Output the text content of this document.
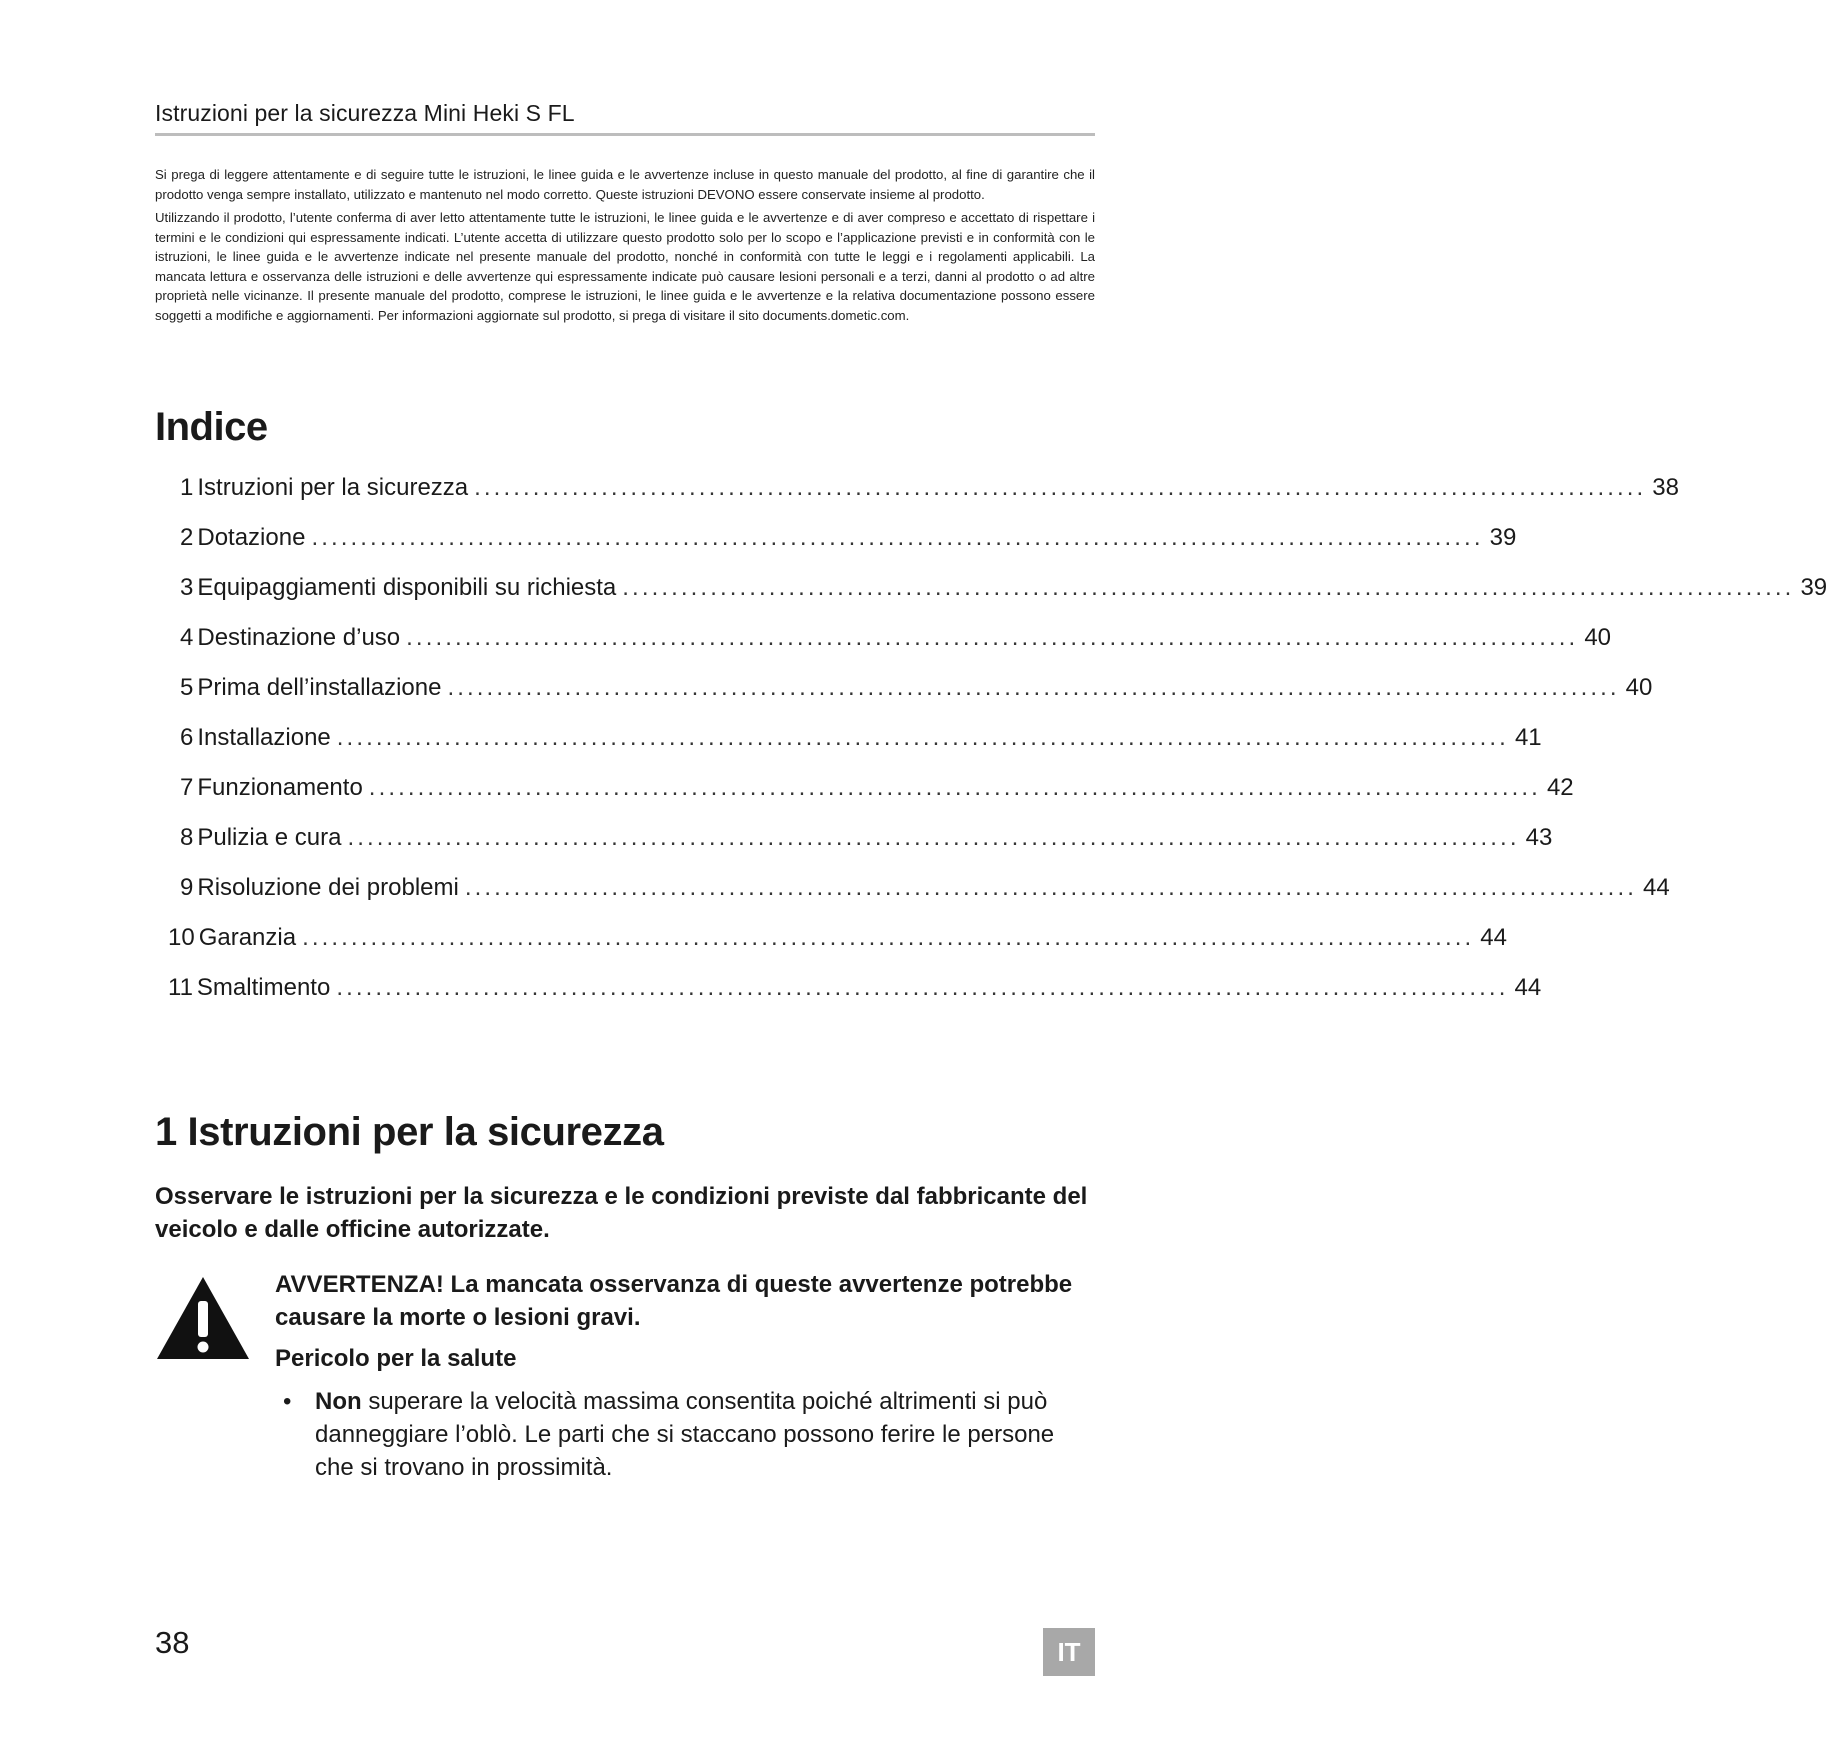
Istruzioni per la sicurezza Mini Heki S FL

Si prega di leggere attentamente e di seguire tutte le istruzioni, le linee guida e le avvertenze incluse in questo manuale del prodotto, al fine di garantire che il prodotto venga sempre installato, utilizzato e mantenuto nel modo corretto. Queste istruzioni DEVONO essere conservate insieme al prodotto.

Utilizzando il prodotto, l’utente conferma di aver letto attentamente tutte le istruzioni, le linee guida e le avvertenze e di aver compreso e accettato di rispettare i termini e le condizioni qui espressamente indicati. L’utente accetta di utilizzare questo prodotto solo per lo scopo e l’applicazione previsti e in conformità con le istruzioni, le linee guida e le avvertenze indicate nel presente manuale del prodotto, nonché in conformità con tutte le leggi e i regolamenti applicabili. La mancata lettura e osservanza delle istruzioni e delle avvertenze qui espressamente indicate può causare lesioni personali e a terzi, danni al prodotto o ad altre proprietà nelle vicinanze. Il presente manuale del prodotto, comprese le istruzioni, le linee guida e le avvertenze e la relativa documentazione possono essere soggetti a modifiche e aggiornamenti. Per informazioni aggiornate sul prodotto, si prega di visitare il sito documents.dometic.com.

Indice
1 Istruzioni per la sicurezza ........................................................................................................................ 38
2 Dotazione ........................................................................................................................ 39
3 Equipaggiamenti disponibili su richiesta ........................................................................................................................ 39
4 Destinazione d’uso ........................................................................................................................ 40
5 Prima dell’installazione ........................................................................................................................ 40
6 Installazione ........................................................................................................................ 41
7 Funzionamento ........................................................................................................................ 42
8 Pulizia e cura ........................................................................................................................ 43
9 Risoluzione dei problemi ........................................................................................................................ 44
10 Garanzia ........................................................................................................................ 44
11 Smaltimento ........................................................................................................................ 44
1 Istruzioni per la sicurezza
Osservare le istruzioni per la sicurezza e le condizioni previste dal fabbricante del veicolo e dalle officine autorizzate.

AVVERTENZA! La mancata osservanza di queste avvertenze potrebbe causare la morte o lesioni gravi.

Pericolo per la salute

• Non superare la velocità massima consentita poiché altrimenti si può danneggiare l’oblò. Le parti che si staccano possono ferire le persone che si trovano in prossimità.
38	IT
